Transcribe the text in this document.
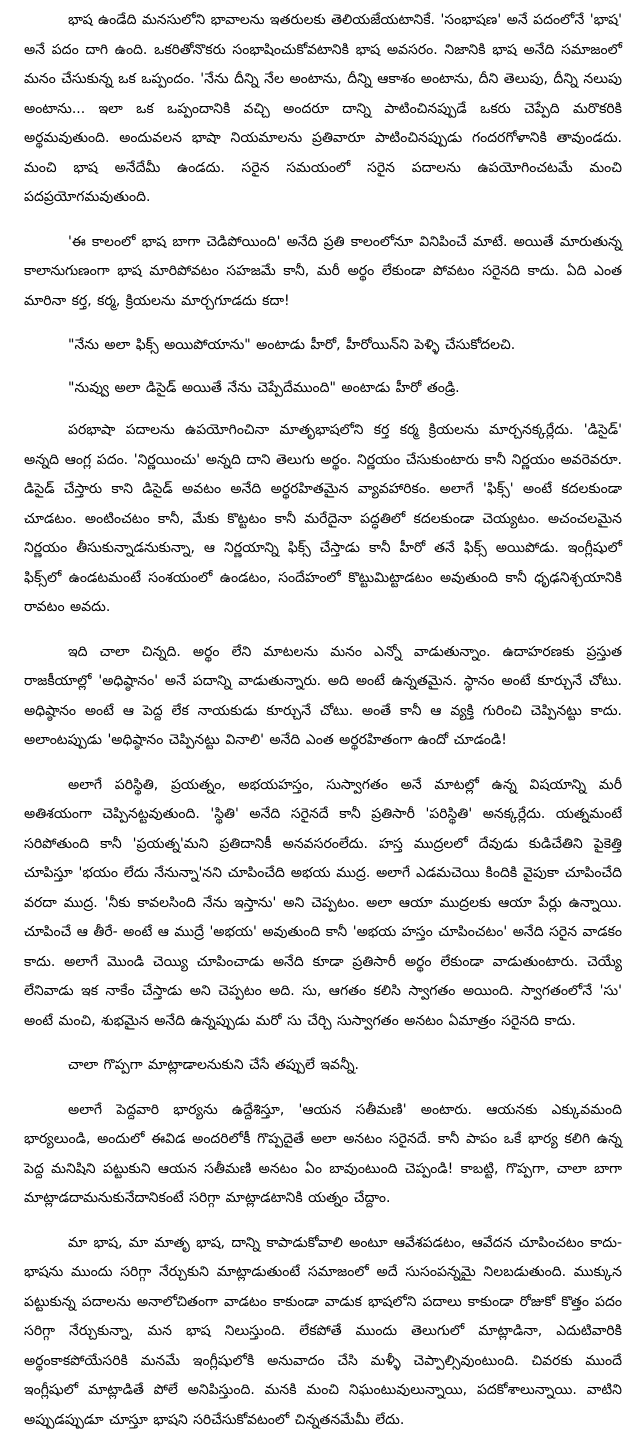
భాష ఉండేది మనసులోని భావాలను ఇతరులకు తెలియజేయటానికే. 'సంభాషణ' అనే పదంలోనే 'భాష' అనే పదం దాగి ఉంది. ఒకరితోనొకరు సంభాషించుకోవటానికి భాష అవసరం. నిజానికి భాష అనేది సమాజంలో మనం చేసుకున్న ఒక ఒప్పందం. 'నేను దీన్ని నేల అంటాను, దీన్ని ఆకాశం అంటాను, దీని తెలుపు, దీన్ని నలుపు అంటాను... ఇలా ఒక ఒప్పందానికి వచ్చి అందరూ దాన్ని పాటించినప్పుడే ఒకరు చెప్పేది మరొకరికి అర్థమవుతుంది. అందువలన భాషా నియమాలను ప్రతివారూ పాటించినప్పుడు గందరగోళానికి తావుండదు. మంచి భాష అనేదేమీ ఉండదు. సరైన సమయంలో సరైన పదాలను ఉపయోగించటమే మంచి పదప్రయోగమవుతుంది.

'ఈ కాలంలో భాష బాగా చెడిపోయింది' అనేది ప్రతి కాలంలోనూ వినిపించే మాటే. అయితే మారుతున్న కాలానుగుణంగా భాష మారిపోవటం సహజమే కానీ, మరీ అర్థం లేకుండా పోవటం సరైనది కాదు. ఏది ఎంత మారినా కర్త, కర్మ, క్రియలను మార్చగూడదు కదా!

"నేను అలా ఫిక్స్ అయిపోయాను" అంటాడు హీరో, హీరోయిన్‌ని పెళ్ళి చేసుకోదలచి.

"నువ్వు అలా డిసైడ్ అయితే నేను చెప్పేదేముంది" అంటాడు హీరో తండ్రి.

పరభాషా పదాలను ఉపయోగించినా మాతృభాషలోని కర్త కర్మ క్రియలను మార్చనక్కర్లేదు. 'డిసైడ్' అన్నది ఆంగ్ల పదం. 'నిర్ణయించు' అన్నది దాని తెలుగు అర్థం. నిర్ణయం చేసుకుంటారు కానీ నిర్ణయం అవరెవరూ. డిసైడ్ చేస్తారు కాని డిసైడ్ అవటం అనేది అర్థరహితమైన వ్యావహారికం. అలాగే 'ఫిక్స్' అంటే కదలకుండా చూడటం. అంటించటం కానీ, మేకు కొట్టటం కానీ మరేదైనా పద్ధతిలో కదలకుండా చెయ్యటం. అచంచలమైన నిర్ణయం తీసుకున్నాడనుకున్నా, ఆ నిర్ణయాన్ని ఫిక్స్ చేస్తాడు కానీ హీరో తనే ఫిక్స్ అయిపోడు. ఇంగ్లీషులో ఫిక్స్‌లో ఉండటమంటే సంశయంలో ఉండటం, సందేహంలో కొట్టుమిట్టాడటం అవుతుంది కానీ ధృఢనిశ్చయానికి రావటం అవదు.

ఇది చాలా చిన్నది. అర్థం లేని మాటలను మనం ఎన్నో వాడుతున్నాం. ఉదాహరణకు ప్రస్తుత రాజకీయాల్లో 'అధిష్ఠానం' అనే పదాన్ని వాడుతున్నారు. అది అంటే ఉన్నతమైన. స్థానం అంటే కూర్చునే చోటు. అధిష్ఠానం అంటే ఆ పెద్ద లేక నాయకుడు కూర్చునే చోటు. అంతే కానీ ఆ వ్యక్తి గురించి చెప్పినట్టు కాదు. అలాంటప్పుడు 'అధిష్ఠానం చెప్పినట్టు వినాలి' అనేది ఎంత అర్థరహితంగా ఉందో చూడండి!

అలాగే పరిస్థితి, ప్రయత్నం, అభయహస్తం, సుస్వాగతం అనే మాటల్లో ఉన్న విషయాన్ని మరీ అతిశయంగా చెప్పినట్టవుతుంది. 'స్థితి' అనేది సరైనదే కానీ ప్రతిసారీ 'పరిస్థితి' అనక్కర్లేదు. యత్నమంటే సరిపోతుంది కానీ 'ప్రయత్న'మని ప్రతిదానికీ అనవసరంలేదు. హస్త ముద్రలలో దేవుడు కుడిచేతిని పైకెత్తి చూపిస్తూ 'భయం లేదు నేనున్నా'నని చూపించేది అభయ ముద్ర. అలాగే ఎడమచెయి కిందికి వైపుకా చూపించేది వరదా ముద్ర. 'నీకు కావలసింది నేను ఇస్తాను' అని చెప్పటం. అలా ఆయా ముద్రలకు ఆయా పేర్లు ఉన్నాయి. చూపించే ఆ తీరే- అంటే ఆ ముద్రే 'అభయ' అవుతుంది కానీ 'అభయ హస్తం చూపించటం' అనేది సరైన వాడకం కాదు. అలాగే మొండి చెయ్యి చూపించాడు అనేది కూడా ప్రతిసారీ అర్థం లేకుండా వాడుతుంటారు. చెయ్యే లేనివాడు ఇక నాకేం చేస్తాడు అని చెప్పటం అది. సు, ఆగతం కలిసి స్వాగతం అయింది. స్వాగతంలోనే 'సు' అంటే మంచి, శుభమైన అనేది ఉన్నప్పుడు మరో సు చేర్చి సుస్వాగతం అనటం ఏమాత్రం సరైనది కాదు.

చాలా గొప్పగా మాట్లాడాలనుకుని చేసే తప్పులే ఇవన్నీ.

అలాగే పెద్దవారి భార్యను ఉద్దేశిస్తూ, 'ఆయన సతీమణి' అంటారు. ఆయనకు ఎక్కువమంది భార్యలుండి, అందులో ఈవిడ అందరిలోకీ గొప్పదైతే అలా అనటం సరైనదే. కానీ పాపం ఒకే భార్య కలిగి ఉన్న పెద్ద మనిషిని పట్టుకుని ఆయన సతీమణి అనటం ఏం బావుంటుంది చెప్పండి! కాబట్టి, గొప్పగా, చాలా బాగా మాట్లాడదామనుకునేదానికంటే సరిగ్గా మాట్లాడటానికి యత్నం చేద్దాం.

మా భాష, మా మాతృ భాష, దాన్ని కాపాడుకోవాలి అంటూ ఆవేశపడటం, ఆవేదన చూపించటం కాదు- భాషను ముందు సరిగ్గా నేర్చుకుని మాట్లాడుతుంటే సమాజంలో అదే సుసంపన్నమై నిలబడుతుంది. ముక్కున పట్టుకున్న పదాలను అనాలోచితంగా వాడటం కాకుండా వాడుక భాషలోని పదాలు కాకుండా రోజుకో కొత్తం పదం సరిగ్గా నేర్చుకున్నా, మన భాష నిలుస్తుంది. లేకపోతే ముందు తెలుగులో మాట్లాడినా, ఎదుటివారికి అర్థంకాకపోయేసరికి మనమే ఇంగ్లీషులోకి అనువాదం చేసి మళ్ళీ చెప్పాల్సివుంటుంది. చివరకు ముందే ఇంగ్లీషులో మాట్లాడితే పోలే అనిపిస్తుంది. మనకి మంచి నిఘంటువులున్నాయి, పదకోశాలున్నాయి. వాటిని అప్పుడప్పుడూ చూస్తూ భాషని సరిచేసుకోవటంలో చిన్నతనమేమీ లేదు.
